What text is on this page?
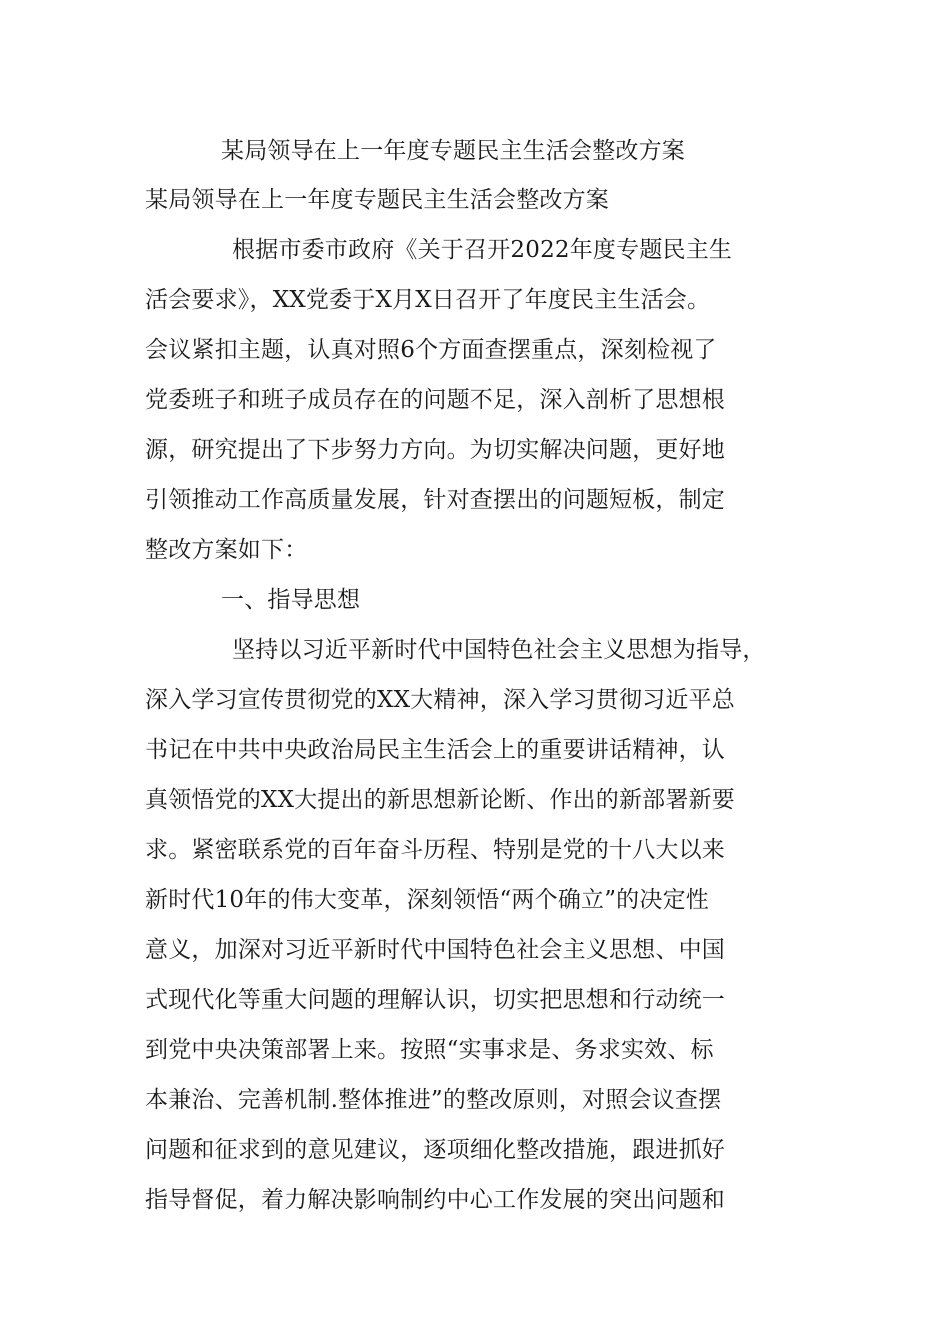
某局领导在上一年度专题民主生活会整改方案
某局领导在上一年度专题民主生活会整改方案
根据市委市政府《关于召开2022年度专题民主生
活会要求》，XX党委于X月X日召开了年度民主生活会。
会议紧扣主题，认真对照6个方面查摆重点，深刻检视了
党委班子和班子成员存在的问题不足，深入剖析了思想根
源，研究提出了下步努力方向。为切实解决问题，更好地
引领推动工作高质量发展，针对查摆出的问题短板，制定
整改方案如下：
一、指导思想
坚持以习近平新时代中国特色社会主义思想为指导，
深入学习宣传贯彻党的XX大精神，深入学习贯彻习近平总
书记在中共中央政治局民主生活会上的重要讲话精神，认
真领悟党的XX大提出的新思想新论断、作出的新部署新要
求。紧密联系党的百年奋斗历程、特别是党的十八大以来
新时代10年的伟大变革，深刻领悟“两个确立”的决定性
意义，加深对习近平新时代中国特色社会主义思想、中国
式现代化等重大问题的理解认识，切实把思想和行动统一
到党中央决策部署上来。按照“实事求是、务求实效、标
本兼治、完善机制.整体推进”的整改原则，对照会议查摆
问题和征求到的意见建议，逐项细化整改措施，跟进抓好
指导督促，着力解决影响制约中心工作发展的突出问题和
